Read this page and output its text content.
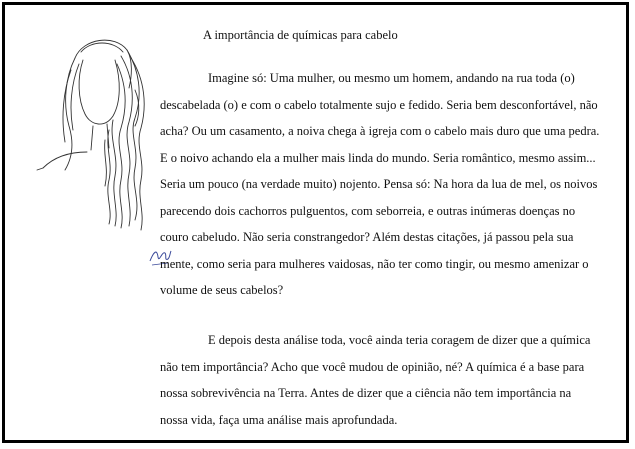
A importância de químicas para cabelo
Imagine só: Uma mulher, ou mesmo um homem, andando na rua toda (o)
descabelada (o) e com o cabelo totalmente sujo e fedido. Seria bem desconfortável, não
acha? Ou um casamento, a noiva chega à igreja com o cabelo mais duro que uma pedra.
E o noivo achando ela a mulher mais linda do mundo. Seria romântico, mesmo assim...
Seria um pouco (na verdade muito) nojento. Pensa só: Na hora da lua de mel, os noivos
parecendo dois cachorros pulguentos, com seborreia, e outras inúmeras doenças no
couro cabeludo. Não seria constrangedor? Além destas citações, já passou pela sua
mente, como seria para mulheres vaidosas, não ter como tingir, ou mesmo amenizar o
volume de seus cabelos?
E depois desta análise toda, você ainda teria coragem de dizer que a química
não tem importância? Acho que você mudou de opinião, né? A química é a base para
nossa sobrevivência na Terra. Antes de dizer que a ciência não tem importância na
nossa vida, faça uma análise mais aprofundada.
